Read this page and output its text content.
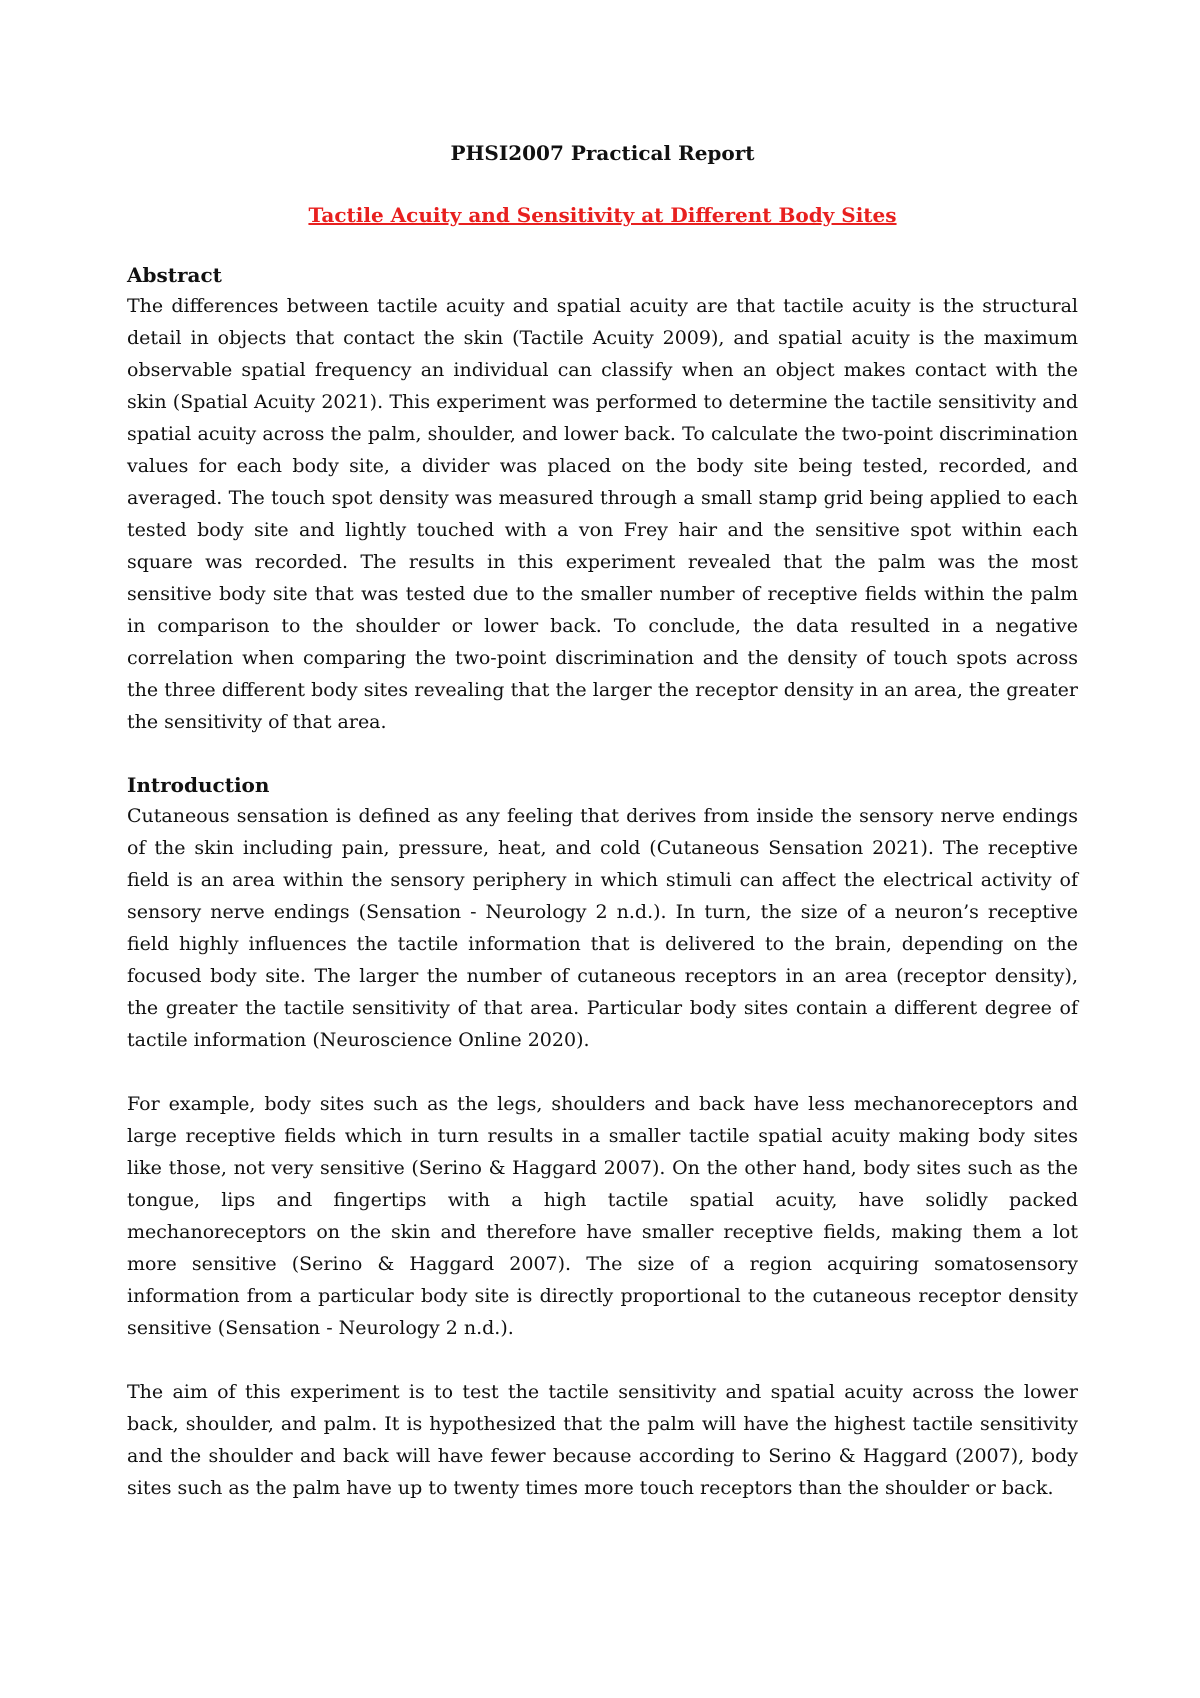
PHSI2007 Practical Report

Tactile Acuity and Sensitivity at Different Body Sites

Abstract

The differences between tactile acuity and spatial acuity are that tactile acuity is the structural detail in objects that contact the skin (Tactile Acuity 2009), and spatial acuity is the maximum observable spatial frequency an individual can classify when an object makes contact with the skin (Spatial Acuity 2021). This experiment was performed to determine the tactile sensitivity and spatial acuity across the palm, shoulder, and lower back. To calculate the two-point discrimination values for each body site, a divider was placed on the body site being tested, recorded, and averaged. The touch spot density was measured through a small stamp grid being applied to each tested body site and lightly touched with a von Frey hair and the sensitive spot within each square was recorded. The results in this experiment revealed that the palm was the most sensitive body site that was tested due to the smaller number of receptive fields within the palm in comparison to the shoulder or lower back. To conclude, the data resulted in a negative correlation when comparing the two-point discrimination and the density of touch spots across the three different body sites revealing that the larger the receptor density in an area, the greater the sensitivity of that area.

Introduction

Cutaneous sensation is defined as any feeling that derives from inside the sensory nerve endings of the skin including pain, pressure, heat, and cold (Cutaneous Sensation 2021). The receptive field is an area within the sensory periphery in which stimuli can affect the electrical activity of sensory nerve endings (Sensation - Neurology 2 n.d.). In turn, the size of a neuron’s receptive field highly influences the tactile information that is delivered to the brain, depending on the focused body site. The larger the number of cutaneous receptors in an area (receptor density), the greater the tactile sensitivity of that area. Particular body sites contain a different degree of tactile information (Neuroscience Online 2020).

For example, body sites such as the legs, shoulders and back have less mechanoreceptors and large receptive fields which in turn results in a smaller tactile spatial acuity making body sites like those, not very sensitive (Serino & Haggard 2007). On the other hand, body sites such as the tongue, lips and fingertips with a high tactile spatial acuity, have solidly packed mechanoreceptors on the skin and therefore have smaller receptive fields, making them a lot more sensitive (Serino & Haggard 2007). The size of a region acquiring somatosensory information from a particular body site is directly proportional to the cutaneous receptor density sensitive (Sensation - Neurology 2 n.d.).

The aim of this experiment is to test the tactile sensitivity and spatial acuity across the lower back, shoulder, and palm. It is hypothesized that the palm will have the highest tactile sensitivity and the shoulder and back will have fewer because according to Serino & Haggard (2007), body sites such as the palm have up to twenty times more touch receptors than the shoulder or back.
